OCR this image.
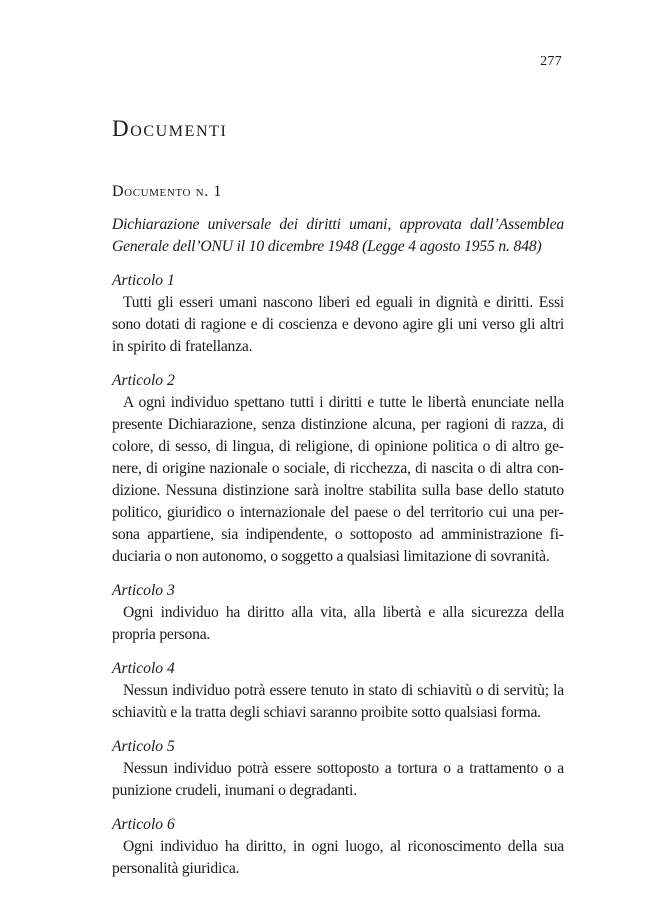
277
Documenti
Documento n. 1

Dichiarazione universale dei diritti umani, approvata dall’Assemblea Generale dell’ONU il 10 dicembre 1948 (Legge 4 agosto 1955 n. 848)

Articolo 1

Tutti gli esseri umani nascono liberi ed eguali in dignità e diritti. Essi sono dotati di ragione e di coscienza e devono agire gli uni verso gli altri in spirito di fratellanza.

Articolo 2

A ogni individuo spettano tutti i diritti e tutte le libertà enunciate nella presente Dichiarazione, senza distinzione alcuna, per ragioni di razza, di colore, di sesso, di lingua, di religione, di opinione politica o di altro genere, di origine nazionale o sociale, di ricchezza, di nascita o di altra condizione. Nessuna distinzione sarà inoltre stabilita sulla base dello statuto politico, giuridico o internazionale del paese o del territorio cui una persona appartiene, sia indipendente, o sottoposto ad amministrazione fiduciaria o non autonomo, o soggetto a qualsiasi limitazione di sovranità.

Articolo 3

Ogni individuo ha diritto alla vita, alla libertà e alla sicurezza della propria persona.

Articolo 4

Nessun individuo potrà essere tenuto in stato di schiavitù o di servitù; la schiavitù e la tratta degli schiavi saranno proibite sotto qualsiasi forma.

Articolo 5

Nessun individuo potrà essere sottoposto a tortura o a trattamento o a punizione crudeli, inumani o degradanti.

Articolo 6

Ogni individuo ha diritto, in ogni luogo, al riconoscimento della sua personalità giuridica.
